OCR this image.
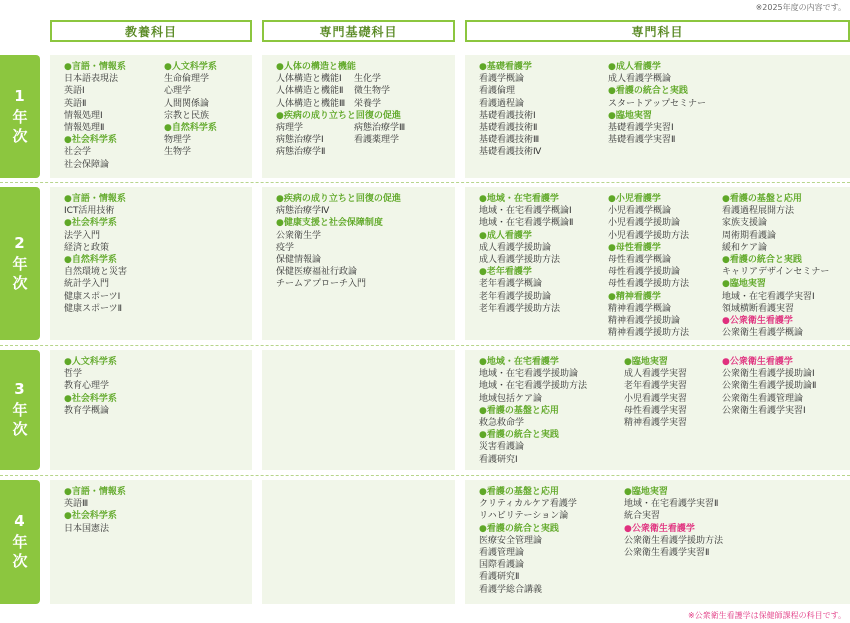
※2025年度の内容です。
教養科目	専門基礎科目	専門科目
1年次
●言語・情報系
日本語表現法
英語Ⅰ
英語Ⅱ
情報処理Ⅰ
情報処理Ⅱ
●社会科学系
社会学
社会保障論
●人文科学系
生命倫理学
心理学
人間関係論
宗教と民族
●自然科学系
物理学
生物学
●人体の構造と機能
人体構造と機能Ⅰ
人体構造と機能Ⅱ
人体構造と機能Ⅲ
●疾病の成り立ちと回復の促進
病理学
病態治療学Ⅰ
病態治療学Ⅱ

生化学
微生物学
栄養学

病態治療学Ⅲ
看護薬理学
●基礎看護学
看護学概論
看護倫理
看護過程論
基礎看護技術Ⅰ
基礎看護技術Ⅱ
基礎看護技術Ⅲ
基礎看護技術Ⅳ
●成人看護学
成人看護学概論
●看護の統合と実践
スタートアップセミナー
●臨地実習
基礎看護学実習Ⅰ
基礎看護学実習Ⅱ
2年次
●言語・情報系
ICT活用技術
●社会科学系
法学入門
経済と政策
●自然科学系
自然環境と災害
統計学入門
健康スポーツⅠ
健康スポーツⅡ
●疾病の成り立ちと回復の促進
病態治療学Ⅳ
●健康支援と社会保障制度
公衆衛生学
疫学
保健情報論
保健医療福祉行政論
チームアプローチ入門
●地域・在宅看護学
地域・在宅看護学概論Ⅰ
地域・在宅看護学概論Ⅱ
●成人看護学
成人看護学援助論
成人看護学援助方法
●老年看護学
老年看護学概論
老年看護学援助論
老年看護学援助方法
●小児看護学
小児看護学概論
小児看護学援助論
小児看護学援助方法
●母性看護学
母性看護学概論
母性看護学援助論
母性看護学援助方法
●精神看護学
精神看護学概論
精神看護学援助論
精神看護学援助方法
●看護の基盤と応用
看護過程展開方法
家族支援論
周術期看護論
緩和ケア論
●看護の統合と実践
キャリアデザインセミナー
●臨地実習
地域・在宅看護学実習Ⅰ
領域横断看護実習
●公衆衛生看護学
公衆衛生看護学概論
3年次
●人文科学系
哲学
教育心理学
●社会科学系
教育学概論
●地域・在宅看護学
地域・在宅看護学援助論
地域・在宅看護学援助方法
地域包括ケア論
●看護の基盤と応用
救急救命学
●看護の統合と実践
災害看護論
看護研究Ⅰ
●臨地実習
成人看護学実習
老年看護学実習
小児看護学実習
母性看護学実習
精神看護学実習
●公衆衛生看護学
公衆衛生看護学援助論Ⅰ
公衆衛生看護学援助論Ⅱ
公衆衛生看護管理論
公衆衛生看護学実習Ⅰ
4年次
●言語・情報系
英語Ⅲ
●社会科学系
日本国憲法
●看護の基盤と応用
クリティカルケア看護学
リハビリテーション論
●看護の統合と実践
医療安全管理論
看護管理論
国際看護論
看護研究Ⅱ
看護学総合講義
●臨地実習
地域・在宅看護学実習Ⅱ
統合実習
●公衆衛生看護学
公衆衛生看護学援助方法
公衆衛生看護学実習Ⅱ
※公衆衛生看護学は保健師課程の科目です。
